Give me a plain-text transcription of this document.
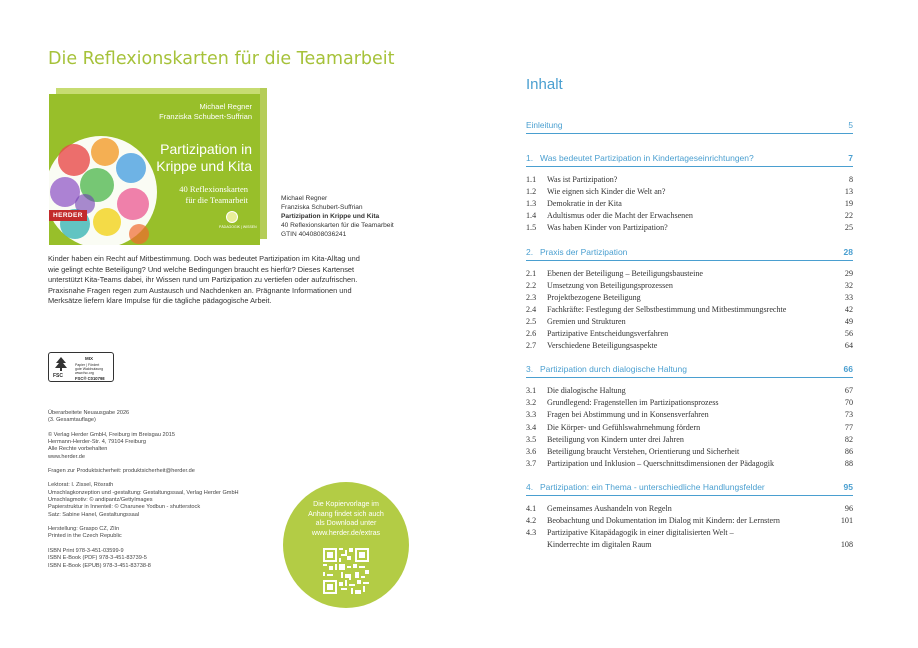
Die Reflexionskarten für die Teamarbeit
Michael Regner
Franziska Schubert-Suffrian
Partizipation in
Krippe und Kita
40 Reflexionskarten
für die Teamarbeit
HERDER
PÄDAGOGIK | WISSEN
Michael Regner
Franziska Schubert-Suffrian
Partizipation in Krippe und Kita
40 Reflexionskarten für die Teamarbeit
GTIN 4040808036241
Kinder haben ein Recht auf Mitbestimmung. Doch was bedeutet Partizipation im Kita-Alltag und
wie gelingt echte Beteiligung? Und welche Bedingungen braucht es hierfür? Dieses Kartenset
unterstützt Kita-Teams dabei, ihr Wissen rund um Partizipation zu vertiefen oder aufzufrischen.
Praxisnahe Fragen regen zum Austausch und Nachdenken an. Prägnante Informationen und
Merksätze liefern klare Impulse für die tägliche pädagogische Arbeit.
FSC
MIX
Papier | Fördert
gute Waldnutzung
www.fsc.org
FSC® C010798
Überarbeitete Neuausgabe 2026
(3. Gesamtauflage)
© Verlag Herder GmbH, Freiburg im Breisgau 2015
Hermann-Herder-Str. 4, 79104 Freiburg
Alle Rechte vorbehalten
www.herder.de
Fragen zur Produktsicherheit: produktsicherheit@herder.de
Lektorat: I. Zissel, Rösrath
Umschlagkonzeption und -gestaltung: Gestaltungssaal, Verlag Herder GmbH
Umschlagmotiv: © andipantz/GettyImages
Papierstruktur in Innenteil: © Charunee Yodbun - shutterstock
Satz: Sabine Hanel, Gestaltungssaal
Herstellung: Graspo CZ, Zlín
Printed in the Czech Republic
ISBN Print 978-3-451-03599-9
ISBN E-Book (PDF) 978-3-451-83739-5
ISBN E-Book (EPUB) 978-3-451-83738-8
Die Kopiervorlage im
Anhang findet sich auch
als Download unter
www.herder.de/extras
Inhalt
Einleitung	5
1. Was bedeutet Partizipation in Kindertageseinrichtungen?	7
1.1 Was ist Partizipation?	8
1.2 Wie eignen sich Kinder die Welt an?	13
1.3 Demokratie in der Kita	19
1.4 Adultismus oder die Macht der Erwachsenen	22
1.5 Was haben Kinder von Partizipation?	25
2. Praxis der Partizipation	28
2.1 Ebenen der Beteiligung – Beteiligungsbausteine	29
2.2 Umsetzung von Beteiligungsprozessen	32
2.3 Projektbezogene Beteiligung	33
2.4 Fachkräfte: Festlegung der Selbstbestimmung und Mitbestimmungsrechte	42
2.5 Gremien und Strukturen	49
2.6 Partizipative Entscheidungsverfahren	56
2.7 Verschiedene Beteiligungsaspekte	64
3. Partizipation durch dialogische Haltung	66
3.1 Die dialogische Haltung	67
3.2 Grundlegend: Fragenstellen im Partizipationsprozess	70
3.3 Fragen bei Abstimmung und in Konsensverfahren	73
3.4 Die Körper- und Gefühlswahrnehmung fördern	77
3.5 Beteiligung von Kindern unter drei Jahren	82
3.6 Beteiligung braucht Verstehen, Orientierung und Sicherheit	86
3.7 Partizipation und Inklusion – Querschnittsdimensionen der Pädagogik	88
4. Partizipation: ein Thema - unterschiedliche Handlungsfelder	95
4.1 Gemeinsames Aushandeln von Regeln	96
4.2 Beobachtung und Dokumentation im Dialog mit Kindern: der Lernstern	101
4.3 Partizipative Kitapädagogik in einer digitalisierten Welt –
Kinderrechte im digitalen Raum	108
